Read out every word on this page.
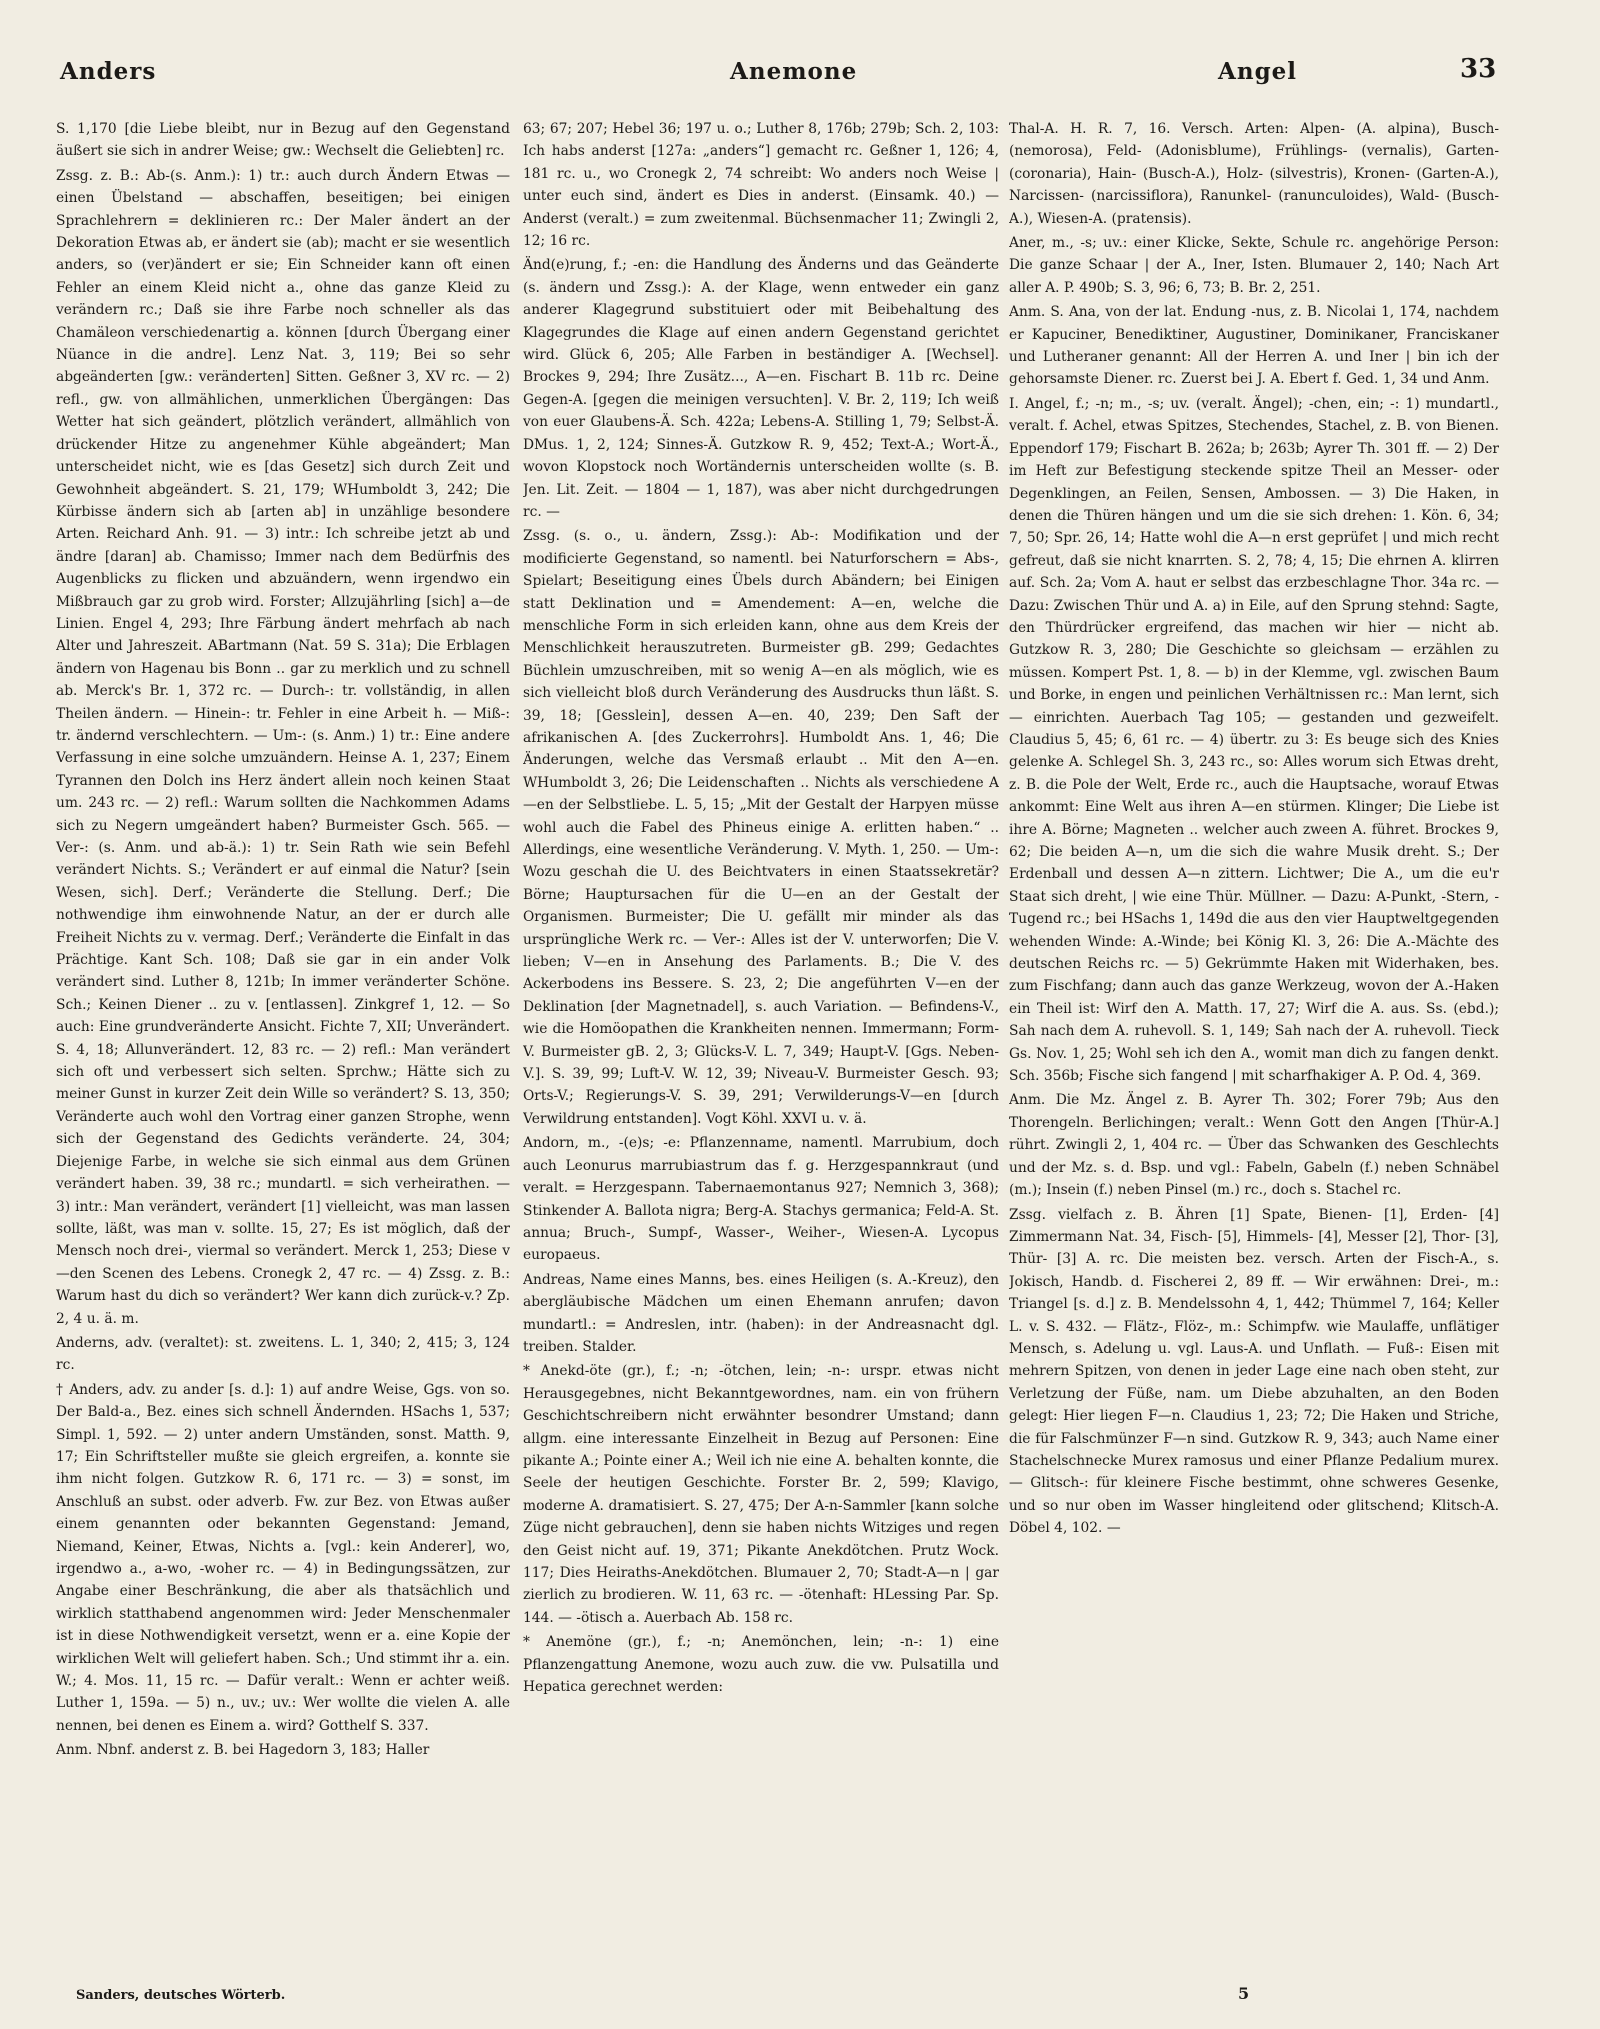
Anders	Anemone	Angel	33

S. 1,170 [die Liebe bleibt, nur in Bezug auf den Gegenstand äußert sie sich in andrer Weise; gw.: Wechselt die Geliebten] rc.

Zssg. z. B.: Ab-(s. Anm.): 1) tr.: auch durch Ändern Etwas — einen Übelstand — abschaffen, beseitigen; bei einigen Sprachlehrern = deklinieren rc.: Der Maler ändert an der Dekoration Etwas ab, er ändert sie (ab); macht er sie wesentlich anders, so (ver)ändert er sie; Ein Schneider kann oft einen Fehler an einem Kleid nicht a., ohne das ganze Kleid zu verändern rc.; Daß sie ihre Farbe noch schneller als das Chamäleon verschiedenartig a. können [durch Übergang einer Nüance in die andre]. Lenz Nat. 3, 119; Bei so sehr abgeänderten [gw.: veränderten] Sitten. Geßner 3, XV rc. — 2) refl., gw. von allmählichen, unmerklichen Übergängen: Das Wetter hat sich geändert, plötzlich verändert, allmählich von drückender Hitze zu angenehmer Kühle abgeändert; Man unterscheidet nicht, wie es [das Gesetz] sich durch Zeit und Gewohnheit abgeändert. S. 21, 179; WHumboldt 3, 242; Die Kürbisse ändern sich ab [arten ab] in unzählige besondere Arten. Reichard Anh. 91. — 3) intr.: Ich schreibe jetzt ab und ändre [daran] ab. Chamisso; Immer nach dem Bedürfnis des Augenblicks zu flicken und abzuändern, wenn irgendwo ein Mißbrauch gar zu grob wird. Forster; Allzujährling [sich] a—de Linien. Engel 4, 293; Ihre Färbung ändert mehrfach ab nach Alter und Jahreszeit. ABartmann (Nat. 59 S. 31a); Die Erblagen ändern von Hagenau bis Bonn .. gar zu merklich und zu schnell ab. Merck's Br. 1, 372 rc. — Durch-: tr. vollständig, in allen Theilen ändern. — Hinein-: tr. Fehler in eine Arbeit h. — Miß-: tr. ändernd verschlechtern. — Um-: (s. Anm.) 1) tr.: Eine andere Verfassung in eine solche umzuändern. Heinse A. 1, 237; Einem Tyrannen den Dolch ins Herz ändert allein noch keinen Staat um. 243 rc. — 2) refl.: Warum sollten die Nachkommen Adams sich zu Negern umgeändert haben? Burmeister Gsch. 565. — Ver-: (s. Anm. und ab-ä.): 1) tr. Sein Rath wie sein Befehl verändert Nichts. S.; Verändert er auf einmal die Natur? [sein Wesen, sich]. Derf.; Veränderte die Stellung. Derf.; Die nothwendige ihm einwohnende Natur, an der er durch alle Freiheit Nichts zu v. vermag. Derf.; Veränderte die Einfalt in das Prächtige. Kant Sch. 108; Daß sie gar in ein ander Volk verändert sind. Luther 8, 121b; In immer veränderter Schöne. Sch.; Keinen Diener .. zu v. [entlassen]. Zinkgref 1, 12. — So auch: Eine grundveränderte Ansicht. Fichte 7, XII; Unverändert. S. 4, 18; Allunverändert. 12, 83 rc. — 2) refl.: Man verändert sich oft und verbessert sich selten. Sprchw.; Hätte sich zu meiner Gunst in kurzer Zeit dein Wille so verändert? S. 13, 350; Veränderte auch wohl den Vortrag einer ganzen Strophe, wenn sich der Gegenstand des Gedichts veränderte. 24, 304; Diejenige Farbe, in welche sie sich einmal aus dem Grünen verändert haben. 39, 38 rc.; mundartl. = sich verheirathen. — 3) intr.: Man verändert, verändert [1] vielleicht, was man lassen sollte, läßt, was man v. sollte. 15, 27; Es ist möglich, daß der Mensch noch drei-, viermal so verändert. Merck 1, 253; Diese v—den Scenen des Lebens. Cronegk 2, 47 rc. — 4) Zssg. z. B.: Warum hast du dich so verändert? Wer kann dich zurück-v.? Zp. 2, 4 u. ä. m.

Anderns, adv. (veraltet): st. zweitens. L. 1, 340; 2, 415; 3, 124 rc.

† Anders, adv. zu ander [s. d.]: 1) auf andre Weise, Ggs. von so. Der Bald-a., Bez. eines sich schnell Ändernden. HSachs 1, 537; Simpl. 1, 592. — 2) unter andern Umständen, sonst. Matth. 9, 17; Ein Schriftsteller mußte sie gleich ergreifen, a. konnte sie ihm nicht folgen. Gutzkow R. 6, 171 rc. — 3) = sonst, im Anschluß an subst. oder adverb. Fw. zur Bez. von Etwas außer einem genannten oder bekannten Gegenstand: Jemand, Niemand, Keiner, Etwas, Nichts a. [vgl.: kein Anderer], wo, irgendwo a., a-wo, -woher rc. — 4) in Bedingungssätzen, zur Angabe einer Beschränkung, die aber als thatsächlich und wirklich statthabend angenommen wird: Jeder Menschenmaler ist in diese Nothwendigkeit versetzt, wenn er a. eine Kopie der wirklichen Welt will geliefert haben. Sch.; Und stimmt ihr a. ein. W.; 4. Mos. 11, 15 rc. — Dafür veralt.: Wenn er achter weiß. Luther 1, 159a. — 5) n., uv.; uv.: Wer wollte die vielen A. alle nennen, bei denen es Einem a. wird? Gotthelf S. 337.

Anm. Nbnf. anderst z. B. bei Hagedorn 3, 183; Haller

63; 67; 207; Hebel 36; 197 u. o.; Luther 8, 176b; 279b; Sch. 2, 103: Ich habs anderst [127a: „anders“] gemacht rc. Geßner 1, 126; 4, 181 rc. u., wo Cronegk 2, 74 schreibt: Wo anders noch Weise | unter euch sind, ändert es Dies in anderst. (Einsamk. 40.) — Anderst (veralt.) = zum zweitenmal. Büchsenmacher 11; Zwingli 2, 12; 16 rc.

Änd(e)rung, f.; -en: die Handlung des Änderns und das Geänderte (s. ändern und Zssg.): A. der Klage, wenn entweder ein ganz anderer Klagegrund substituiert oder mit Beibehaltung des Klagegrundes die Klage auf einen andern Gegenstand gerichtet wird. Glück 6, 205; Alle Farben in beständiger A. [Wechsel]. Brockes 9, 294; Ihre Zusätz..., A—en. Fischart B. 11b rc. Deine Gegen-A. [gegen die meinigen versuchten]. V. Br. 2, 119; Ich weiß von euer Glaubens-Ä. Sch. 422a; Lebens-A. Stilling 1, 79; Selbst-Ä. DMus. 1, 2, 124; Sinnes-Ä. Gutzkow R. 9, 452; Text-A.; Wort-Ä., wovon Klopstock noch Wortändernis unterscheiden wollte (s. B. Jen. Lit. Zeit. — 1804 — 1, 187), was aber nicht durchgedrungen rc. —

Zssg. (s. o., u. ändern, Zssg.): Ab-: Modifikation und der modificierte Gegenstand, so namentl. bei Naturforschern = Abs-, Spielart; Beseitigung eines Übels durch Abändern; bei Einigen statt Deklination und = Amendement: A—en, welche die menschliche Form in sich erleiden kann, ohne aus dem Kreis der Menschlichkeit herauszutreten. Burmeister gB. 299; Gedachtes Büchlein umzuschreiben, mit so wenig A—en als möglich, wie es sich vielleicht bloß durch Veränderung des Ausdrucks thun läßt. S. 39, 18; [Gesslein], dessen A—en. 40, 239; Den Saft der afrikanischen A. [des Zuckerrohrs]. Humboldt Ans. 1, 46; Die Änderungen, welche das Versmaß erlaubt .. Mit den A—en. WHumboldt 3, 26; Die Leidenschaften .. Nichts als verschiedene A—en der Selbstliebe. L. 5, 15; „Mit der Gestalt der Harpyen müsse wohl auch die Fabel des Phineus einige A. erlitten haben.“ .. Allerdings, eine wesentliche Veränderung. V. Myth. 1, 250. — Um-: Wozu geschah die U. des Beichtvaters in einen Staatssekretär? Börne; Hauptursachen für die U—en an der Gestalt der Organismen. Burmeister; Die U. gefällt mir minder als das ursprüngliche Werk rc. — Ver-: Alles ist der V. unterworfen; Die V. lieben; V—en in Ansehung des Parlaments. B.; Die V. des Ackerbodens ins Bessere. S. 23, 2; Die angeführten V—en der Deklination [der Magnetnadel], s. auch Variation. — Befindens-V., wie die Homöopathen die Krankheiten nennen. Immermann; Form-V. Burmeister gB. 2, 3; Glücks-V. L. 7, 349; Haupt-V. [Ggs. Neben-V.]. S. 39, 99; Luft-V. W. 12, 39; Niveau-V. Burmeister Gesch. 93; Orts-V.; Regierungs-V. S. 39, 291; Verwilderungs-V—en [durch Verwildrung entstanden]. Vogt Köhl. XXVI u. v. ä.

Andorn, m., -(e)s; -e: Pflanzenname, namentl. Marrubium, doch auch Leonurus marrubiastrum das f. g. Herzgespannkraut (und veralt. = Herzgespann. Tabernaemontanus 927; Nemnich 3, 368); Stinkender A. Ballota nigra; Berg-A. Stachys germanica; Feld-A. St. annua; Bruch-, Sumpf-, Wasser-, Weiher-, Wiesen-A. Lycopus europaeus.

Andreas, Name eines Manns, bes. eines Heiligen (s. A.-Kreuz), den abergläubische Mädchen um einen Ehemann anrufen; davon mundartl.: = Andreslen, intr. (haben): in der Andreasnacht dgl. treiben. Stalder.

* Anekd-öte (gr.), f.; -n; -ötchen, lein; -n-: urspr. etwas nicht Herausgegebnes, nicht Bekanntgewordnes, nam. ein von frühern Geschichtschreibern nicht erwähnter besondrer Umstand; dann allgm. eine interessante Einzelheit in Bezug auf Personen: Eine pikante A.; Pointe einer A.; Weil ich nie eine A. behalten konnte, die Seele der heutigen Geschichte. Forster Br. 2, 599; Klavigo, moderne A. dramatisiert. S. 27, 475; Der A-n-Sammler [kann solche Züge nicht gebrauchen], denn sie haben nichts Witziges und regen den Geist nicht auf. 19, 371; Pikante Anekdötchen. Prutz Wock. 117; Dies Heiraths-Anekdötchen. Blumauer 2, 70; Stadt-A—n | gar zierlich zu brodieren. W. 11, 63 rc. — -ötenhaft: HLessing Par. Sp. 144. — -ötisch a. Auerbach Ab. 158 rc.

* Anemöne (gr.), f.; -n; Anemönchen, lein; -n-: 1) eine Pflanzengattung Anemone, wozu auch zuw. die vw. Pulsatilla und Hepatica gerechnet werden:

Thal-A. H. R. 7, 16. Versch. Arten: Alpen- (A. alpina), Busch- (nemorosa), Feld- (Adonisblume), Frühlings- (vernalis), Garten- (coronaria), Hain- (Busch-A.), Holz- (silvestris), Kronen- (Garten-A.), Narcissen- (narcissiflora), Ranunkel- (ranunculoides), Wald- (Busch-A.), Wiesen-A. (pratensis).

Aner, m., -s; uv.: einer Klicke, Sekte, Schule rc. angehörige Person: Die ganze Schaar | der A., Iner, Isten. Blumauer 2, 140; Nach Art aller A. P. 490b; S. 3, 96; 6, 73; B. Br. 2, 251.

Anm. S. Ana, von der lat. Endung -nus, z. B. Nicolai 1, 174, nachdem er Kapuciner, Benediktiner, Augustiner, Dominikaner, Franciskaner und Lutheraner genannt: All der Herren A. und Iner | bin ich der gehorsamste Diener. rc. Zuerst bei J. A. Ebert f. Ged. 1, 34 und Anm.

I. Angel, f.; -n; m., -s; uv. (veralt. Ängel); -chen, ein; -: 1) mundartl., veralt. f. Achel, etwas Spitzes, Stechendes, Stachel, z. B. von Bienen. Eppendorf 179; Fischart B. 262a; b; 263b; Ayrer Th. 301 ff. — 2) Der im Heft zur Befestigung steckende spitze Theil an Messer- oder Degenklingen, an Feilen, Sensen, Ambossen. — 3) Die Haken, in denen die Thüren hängen und um die sie sich drehen: 1. Kön. 6, 34; 7, 50; Spr. 26, 14; Hatte wohl die A—n erst geprüfet | und mich recht gefreut, daß sie nicht knarrten. S. 2, 78; 4, 15; Die ehrnen A. klirren auf. Sch. 2a; Vom A. haut er selbst das erzbeschlagne Thor. 34a rc. — Dazu: Zwischen Thür und A. a) in Eile, auf den Sprung stehnd: Sagte, den Thürdrücker ergreifend, das machen wir hier — nicht ab. Gutzkow R. 3, 280; Die Geschichte so gleichsam — erzählen zu müssen. Kompert Pst. 1, 8. — b) in der Klemme, vgl. zwischen Baum und Borke, in engen und peinlichen Verhältnissen rc.: Man lernt, sich — einrichten. Auerbach Tag 105; — gestanden und gezweifelt. Claudius 5, 45; 6, 61 rc. — 4) übertr. zu 3: Es beuge sich des Knies gelenke A. Schlegel Sh. 3, 243 rc., so: Alles worum sich Etwas dreht, z. B. die Pole der Welt, Erde rc., auch die Hauptsache, worauf Etwas ankommt: Eine Welt aus ihren A—en stürmen. Klinger; Die Liebe ist ihre A. Börne; Magneten .. welcher auch zween A. führet. Brockes 9, 62; Die beiden A—n, um die sich die wahre Musik dreht. S.; Der Erdenball und dessen A—n zittern. Lichtwer; Die A., um die eu'r Staat sich dreht, | wie eine Thür. Müllner. — Dazu: A-Punkt, -Stern, -Tugend rc.; bei HSachs 1, 149d die aus den vier Hauptweltgegenden wehenden Winde: A.-Winde; bei König Kl. 3, 26: Die A.-Mächte des deutschen Reichs rc. — 5) Gekrümmte Haken mit Widerhaken, bes. zum Fischfang; dann auch das ganze Werkzeug, wovon der A.-Haken ein Theil ist: Wirf den A. Matth. 17, 27; Wirf die A. aus. Ss. (ebd.); Sah nach dem A. ruhevoll. S. 1, 149; Sah nach der A. ruhevoll. Tieck Gs. Nov. 1, 25; Wohl seh ich den A., womit man dich zu fangen denkt. Sch. 356b; Fische sich fangend | mit scharfhakiger A. P. Od. 4, 369.

Anm. Die Mz. Ängel z. B. Ayrer Th. 302; Forer 79b; Aus den Thorengeln. Berlichingen; veralt.: Wenn Gott den Angen [Thür-A.] rührt. Zwingli 2, 1, 404 rc. — Über das Schwanken des Geschlechts und der Mz. s. d. Bsp. und vgl.: Fabeln, Gabeln (f.) neben Schnäbel (m.); Insein (f.) neben Pinsel (m.) rc., doch s. Stachel rc.

Zssg. vielfach z. B. Ähren [1] Spate, Bienen- [1], Erden- [4] Zimmermann Nat. 34, Fisch- [5], Himmels- [4], Messer [2], Thor- [3], Thür- [3] A. rc. Die meisten bez. versch. Arten der Fisch-A., s. Jokisch, Handb. d. Fischerei 2, 89 ff. — Wir erwähnen: Drei-, m.: Triangel [s. d.] z. B. Mendelssohn 4, 1, 442; Thümmel 7, 164; Keller L. v. S. 432. — Flätz-, Flöz-, m.: Schimpfw. wie Maulaffe, unflätiger Mensch, s. Adelung u. vgl. Laus-A. und Unflath. — Fuß-: Eisen mit mehrern Spitzen, von denen in jeder Lage eine nach oben steht, zur Verletzung der Füße, nam. um Diebe abzuhalten, an den Boden gelegt: Hier liegen F—n. Claudius 1, 23; 72; Die Haken und Striche, die für Falschmünzer F—n sind. Gutzkow R. 9, 343; auch Name einer Stachelschnecke Murex ramosus und einer Pflanze Pedalium murex. — Glitsch-: für kleinere Fische bestimmt, ohne schweres Gesenke, und so nur oben im Wasser hingleitend oder glitschend; Klitsch-A. Döbel 4, 102. —

Sanders, deutsches Wörterb.	5
